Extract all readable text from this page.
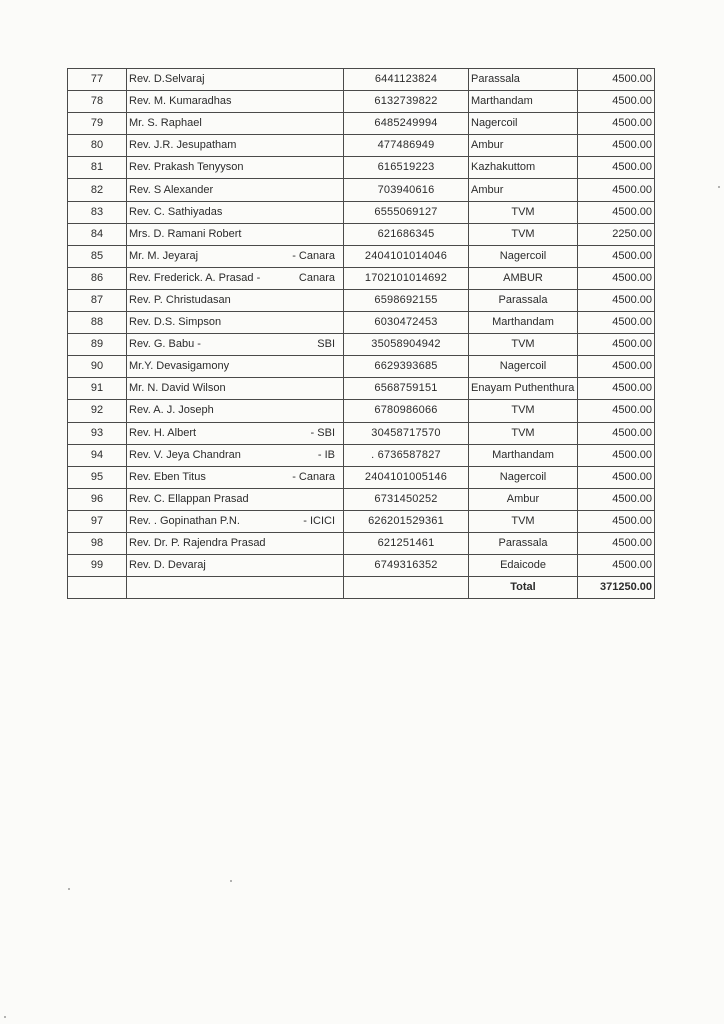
77	Rev. D.Selvaraj	6441123824	Parassala	4500.00
78	Rev. M. Kumaradhas	6132739822	Marthandam	4500.00
79	Mr. S. Raphael	6485249994	Nagercoil	4500.00
80	Rev. J.R. Jesupatham	477486949	Ambur	4500.00
81	Rev. Prakash Tenyyson	616519223	Kazhakuttom	4500.00
82	Rev. S Alexander	703940616	Ambur	4500.00
83	Rev. C. Sathiyadas	6555069127	TVM	4500.00
84	Mrs. D. Ramani Robert	621686345	TVM	2250.00
85	Mr. M. Jeyaraj - Canara	2404101014046	Nagercoil	4500.00
86	Rev. Frederick. A. Prasad - Canara	1702101014692	AMBUR	4500.00
87	Rev. P. Christudasan	6598692155	Parassala	4500.00
88	Rev. D.S. Simpson	6030472453	Marthandam	4500.00
89	Rev. G. Babu - SBI	35058904942	TVM	4500.00
90	Mr.Y. Devasigamony	6629393685	Nagercoil	4500.00
91	Mr. N. David Wilson	6568759151	Enayam Puthenthura	4500.00
92	Rev. A. J. Joseph	6780986066	TVM	4500.00
93	Rev. H. Albert - SBI	30458717570	TVM	4500.00
94	Rev. V. Jeya Chandran - IB	. 6736587827	Marthandam	4500.00
95	Rev. Eben Titus - Canara	2404101005146	Nagercoil	4500.00
96	Rev. C. Ellappan Prasad	6731450252	Ambur	4500.00
97	Rev. . Gopinathan P.N. - ICICI	626201529361	TVM	4500.00
98	Rev. Dr. P. Rajendra Prasad	621251461	Parassala	4500.00
99	Rev. D. Devaraj	6749316352	Edaicode	4500.00
			Total	371250.00
